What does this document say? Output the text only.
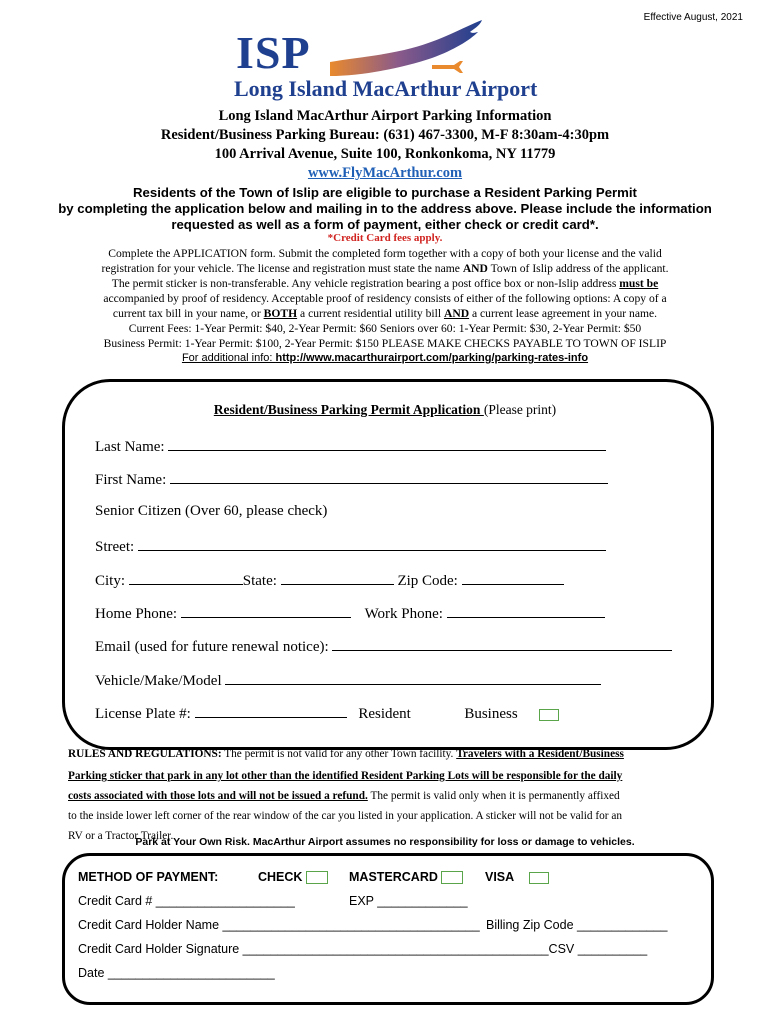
Effective August, 2021
ISP
Long Island MacArthur Airport
Long Island MacArthur Airport Parking Information
Resident/Business Parking Bureau: (631) 467-3300, M-F 8:30am-4:30pm
100 Arrival Avenue, Suite 100, Ronkonkoma, NY 11779
www.FlyMacArthur.com
Residents of the Town of Islip are eligible to purchase a Resident Parking Permit
by completing the application below and mailing in to the address above. Please include the information
requested as well as a form of payment, either check or credit card*.
*Credit Card fees apply.
Complete the APPLICATION form. Submit the completed form together with a copy of both your license and the valid
registration for your vehicle. The license and registration must state the name AND Town of Islip address of the applicant.
The permit sticker is non-transferable. Any vehicle registration bearing a post office box or non-Islip address must be
accompanied by proof of residency. Acceptable proof of residency consists of either of the following options: A copy of a
current tax bill in your name, or BOTH a current residential utility bill AND a current lease agreement in your name.
Current Fees: 1-Year Permit: $40, 2-Year Permit: $60 Seniors over 60: 1-Year Permit: $30, 2-Year Permit: $50
Business Permit: 1-Year Permit: $100, 2-Year Permit: $150 PLEASE MAKE CHECKS PAYABLE TO TOWN OF ISLIP
For additional info: http://www.macarthurairport.com/parking/parking-rates-info
Resident/Business Parking Permit Application (Please print)
Last Name:
First Name:
Senior Citizen (Over 60, please check)
Street:
City:	State:	Zip Code:
Home Phone:	Work Phone:
Email (used for future renewal notice):
Vehicle/Make/Model
License Plate #:	Resident	Business
RULES AND REGULATIONS: The permit is not valid for any other Town facility. Travelers with a Resident/Business
Parking sticker that park in any lot other than the identified Resident Parking Lots will be responsible for the daily
costs associated with those lots and will not be issued a refund. The permit is valid only when it is permanently affixed
to the inside lower left corner of the rear window of the car you listed in your application. A sticker will not be valid for an
RV or a Tractor Trailer.
Park at Your Own Risk. MacArthur Airport assumes no responsibility for loss or damage to vehicles.
METHOD OF PAYMENT:	CHECK	MASTERCARD	VISA
Credit Card # ____________________	EXP _____________
Credit Card Holder Name _____________________________________ Billing Zip Code _____________
Credit Card Holder Signature ____________________________________________CSV __________
Date ________________________
